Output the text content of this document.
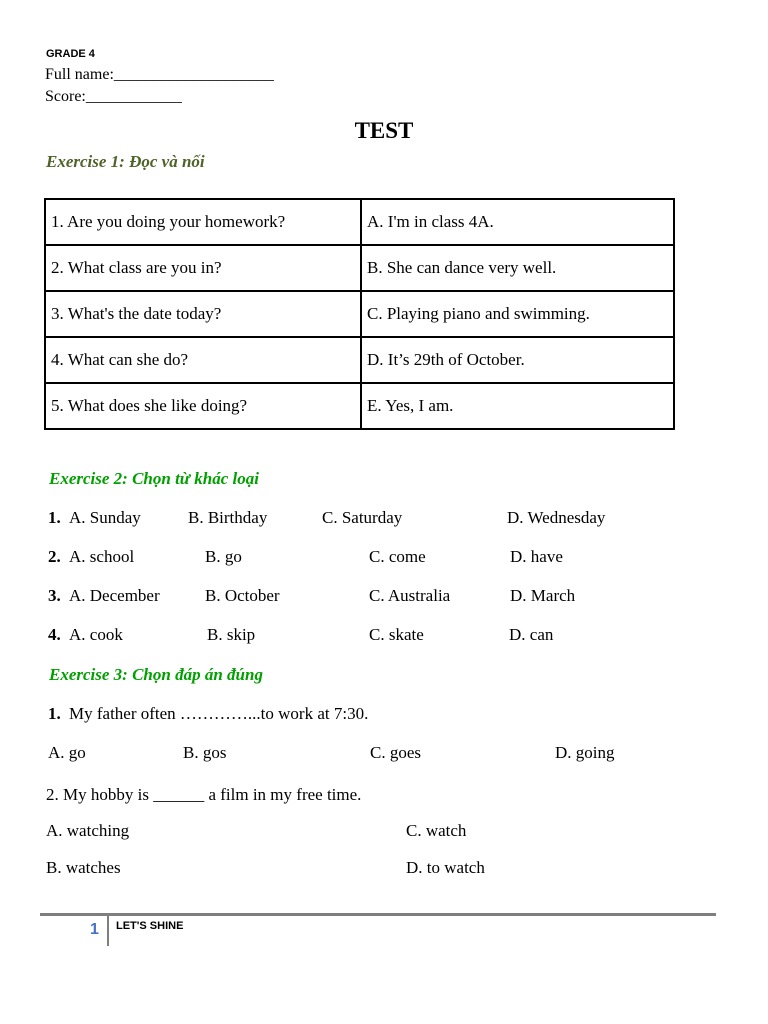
GRADE 4
Full name:____________________
Score:____________
TEST
Exercise 1: Đọc và nối
1. Are you doing your homework?	A. I'm in class 4A.
2. What class are you in?	B. She can dance very well.
3. What's the date today?	C. Playing piano and swimming.
4. What can she do?	D. It’s 29th of October.
5. What does she like doing?	E. Yes, I am.
Exercise 2: Chọn từ khác loại
1. A. Sunday	B. Birthday	C. Saturday	D. Wednesday
2. A. school	B. go	C. come	D. have
3. A. December	B. October	C. Australia	D. March
4. A. cook	B. skip	C. skate	D. can
Exercise 3: Chọn đáp án đúng
1. My father often …………...to work at 7:30.
A. go	B. gos	C. goes	D. going
2. My hobby is ______ a film in my free time.
A. watching	C. watch
B. watches	D. to watch
1 LET'S SHINE
